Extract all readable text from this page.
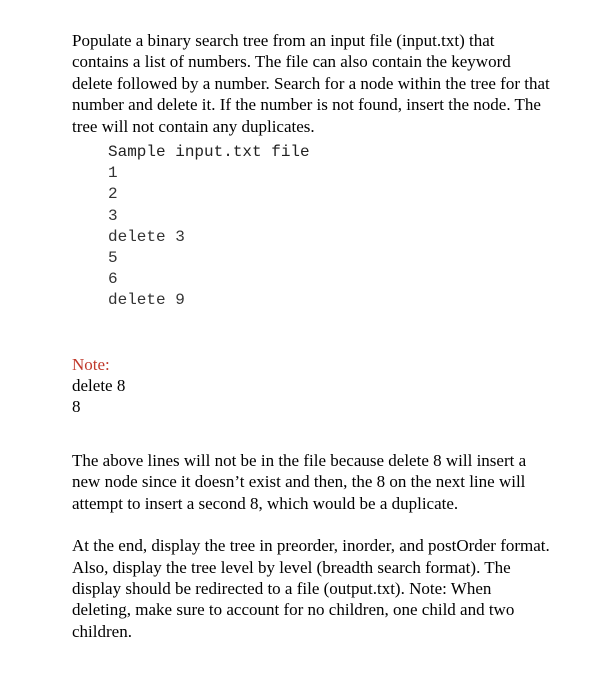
Populate a binary search tree from an input file (input.txt) that contains a list of numbers. The file can also contain the keyword delete followed by a number. Search for a node within the tree for that number and delete it. If the number is not found, insert the node. The tree will not contain any duplicates.

Sample input.txt file
1
2
3
delete 3
5
6
delete 9
Note:
delete 8
8

The above lines will not be in the file because delete 8 will insert a new node since it doesn’t exist and then, the 8 on the next line will attempt to insert a second 8, which would be a duplicate.

At the end, display the tree in preorder, inorder, and postOrder format. Also, display the tree level by level (breadth search format). The display should be redirected to a file (output.txt). Note: When deleting, make sure to account for no children, one child and two children.
